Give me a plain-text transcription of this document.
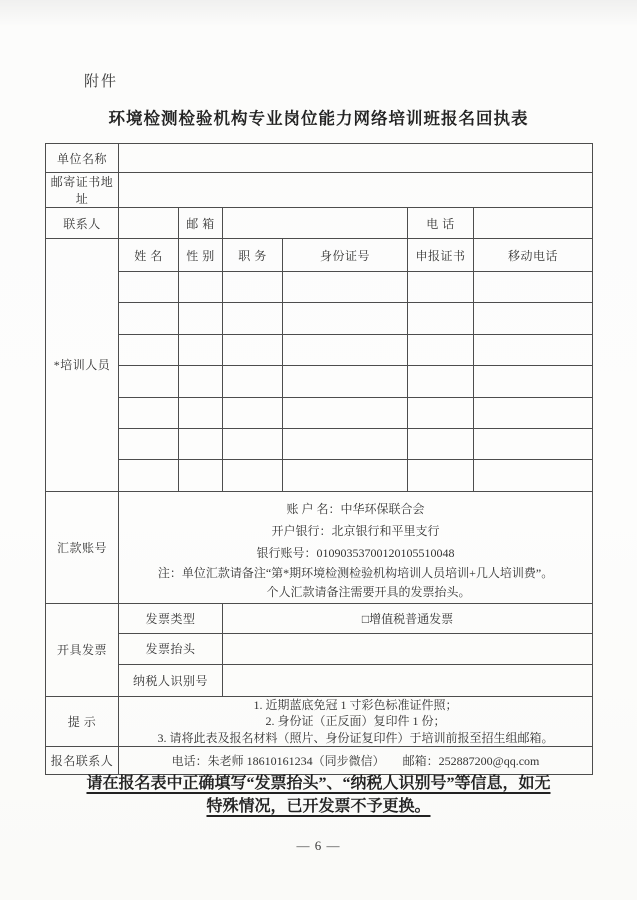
附件
环境检测检验机构专业岗位能力网络培训班报名回执表
单位名称						
邮寄证书地址						
联系人		邮 箱			电 话	
*培训人员	姓 名	性 别	职 务	身份证号	申报证书	移动电话

汇款账号	账 户 名：中华环保联合会
开户银行：北京银行和平里支行
银行账号：01090353700120105510048
注：单位汇款请备注“第*期环境检测检验机构培训人员培训+几人培训费”。
个人汇款请备注需要开具的发票抬头。					

开具发票	发票类型		□增值税普通发票			
	发票抬头					
	纳税人识别号					
提 示	1. 近期蓝底免冠 1 寸彩色标准证件照；
2. 身份证（正反面）复印件 1 份；
3. 请将此表及报名材料（照片、身份证复印件）于培训前报至招生组邮箱。					

报名联系人	电话：朱老师 18610161234（同步微信）　　邮箱：252887200@qq.com					
请在报名表中正确填写“发票抬头”、“纳税人识别号”等信息，如无
特殊情况，已开发票不予更换。
— 6 —
